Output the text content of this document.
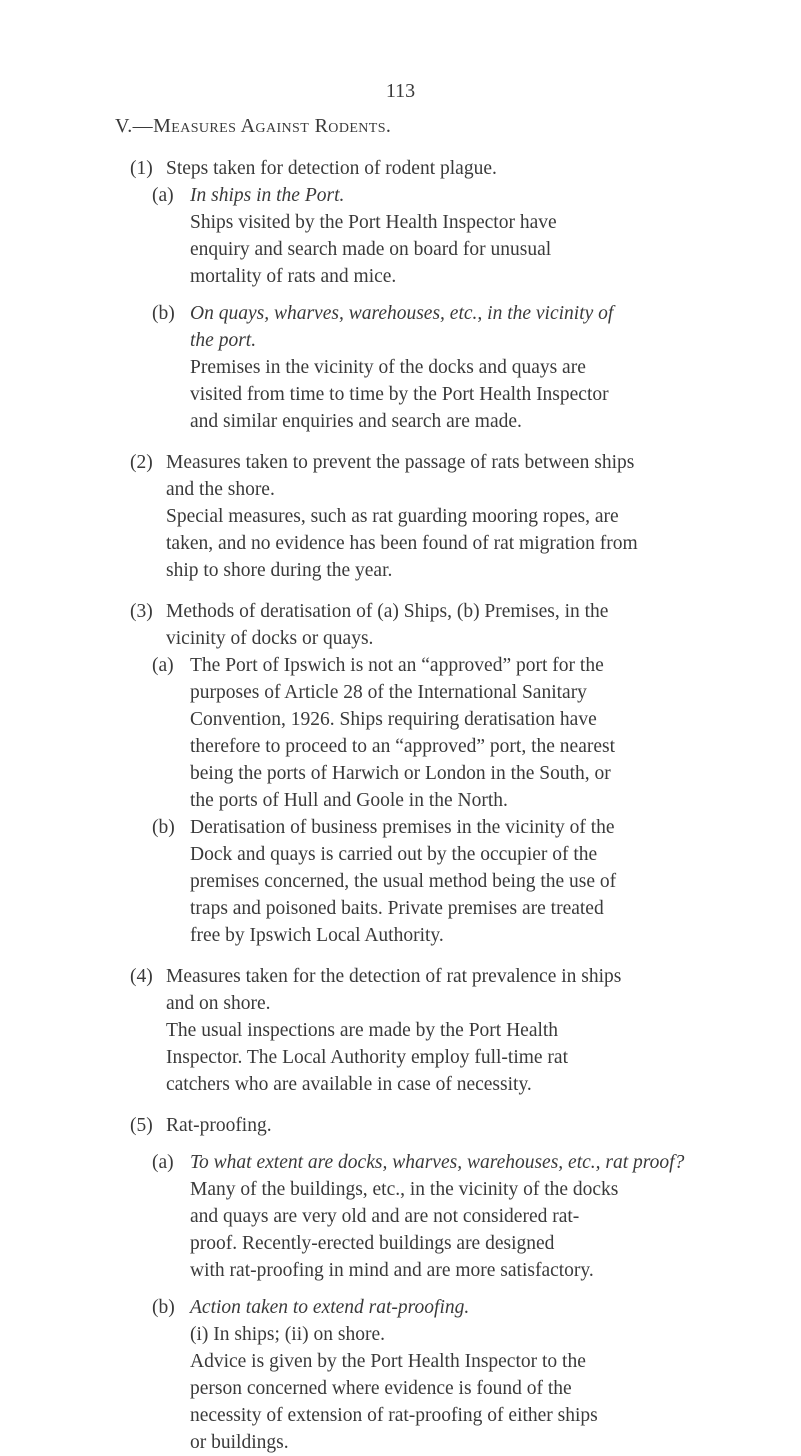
113
V.—Measures Against Rodents.
(1) Steps taken for detection of rodent plague.
(a) In ships in the Port.
Ships visited by the Port Health Inspector have
enquiry and search made on board for unusual
mortality of rats and mice.
(b) On quays, wharves, warehouses, etc., in the vicinity of
the port.
Premises in the vicinity of the docks and quays are
visited from time to time by the Port Health Inspector
and similar enquiries and search are made.
(2) Measures taken to prevent the passage of rats between ships
and the shore.
Special measures, such as rat guarding mooring ropes, are
taken, and no evidence has been found of rat migration from
ship to shore during the year.
(3) Methods of deratisation of (a) Ships, (b) Premises, in the
vicinity of docks or quays.
(a) The Port of Ipswich is not an “approved” port for the
purposes of Article 28 of the International Sanitary
Convention, 1926. Ships requiring deratisation have
therefore to proceed to an “approved” port, the nearest
being the ports of Harwich or London in the South, or
the ports of Hull and Goole in the North.
(b) Deratisation of business premises in the vicinity of the
Dock and quays is carried out by the occupier of the
premises concerned, the usual method being the use of
traps and poisoned baits. Private premises are treated
free by Ipswich Local Authority.
(4) Measures taken for the detection of rat prevalence in ships
and on shore.
The usual inspections are made by the Port Health
Inspector. The Local Authority employ full-time rat
catchers who are available in case of necessity.
(5) Rat-proofing.
(a) To what extent are docks, wharves, warehouses, etc., rat proof?
Many of the buildings, etc., in the vicinity of the docks
and quays are very old and are not considered rat-
proof. Recently-erected buildings are designed
with rat-proofing in mind and are more satisfactory.
(b) Action taken to extend rat-proofing.
(i) In ships; (ii) on shore.
Advice is given by the Port Health Inspector to the
person concerned where evidence is found of the
necessity of extension of rat-proofing of either ships
or buildings.
